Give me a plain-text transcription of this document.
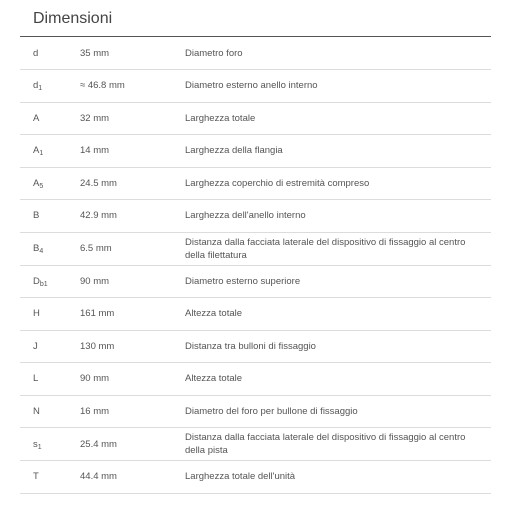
Dimensioni
d	35 mm	Diametro foro
$d_1$	≈ 46.8 mm	Diametro esterno anello interno
A	32 mm	Larghezza totale
$A_1$	14 mm	Larghezza della flangia
$A_5$	24.5 mm	Larghezza coperchio di estremità compreso
B	42.9 mm	Larghezza dell'anello interno
$B_4$	6.5 mm	Distanza dalla facciata laterale del dispositivo di fissaggio al centro della filettatura
$D_{b1}$	90 mm	Diametro esterno superiore
H	161 mm	Altezza totale
J	130 mm	Distanza tra bulloni di fissaggio
L	90 mm	Altezza totale
N	16 mm	Diametro del foro per bullone di fissaggio
$s_1$	25.4 mm	Distanza dalla facciata laterale del dispositivo di fissaggio al centro della pista
T	44.4 mm	Larghezza totale dell'unità
